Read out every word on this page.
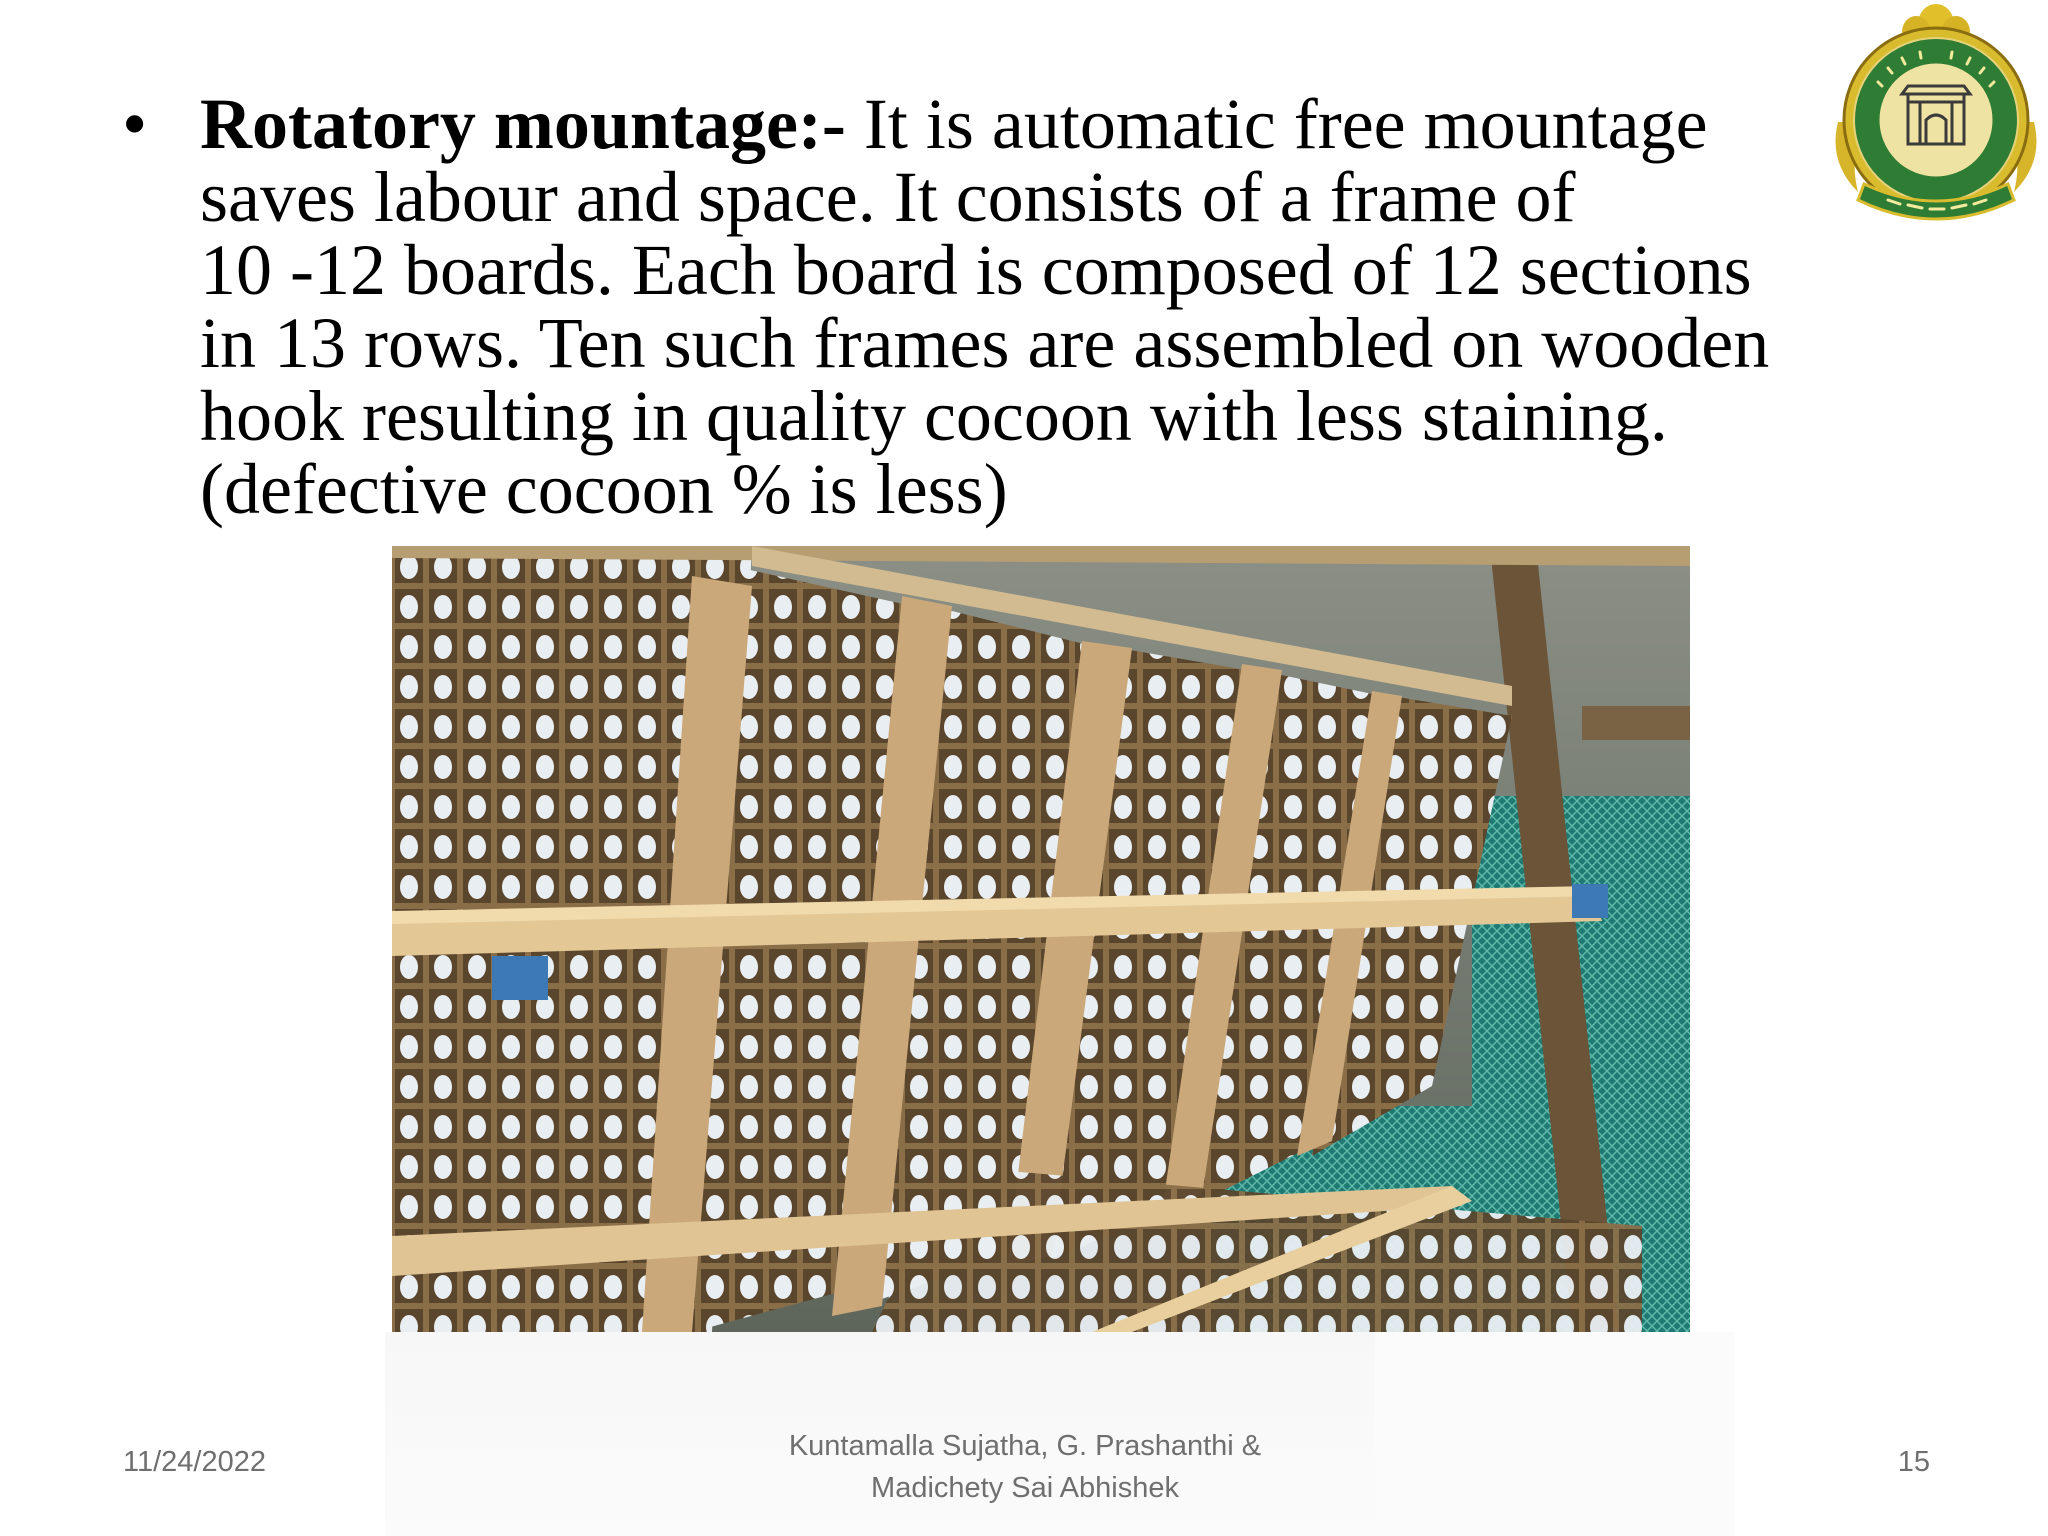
• Rotatory mountage:- It is automatic free mountage
saves labour and space. It consists of a frame of
10 -12 boards. Each board is composed of 12 sections
in 13 rows. Ten such frames are assembled on wooden
hook resulting in quality cocoon with less staining.
(defective cocoon % is less)
11/24/2022	Kuntamalla Sujatha, G. Prashanthi &
Madichety Sai Abhishek
15
